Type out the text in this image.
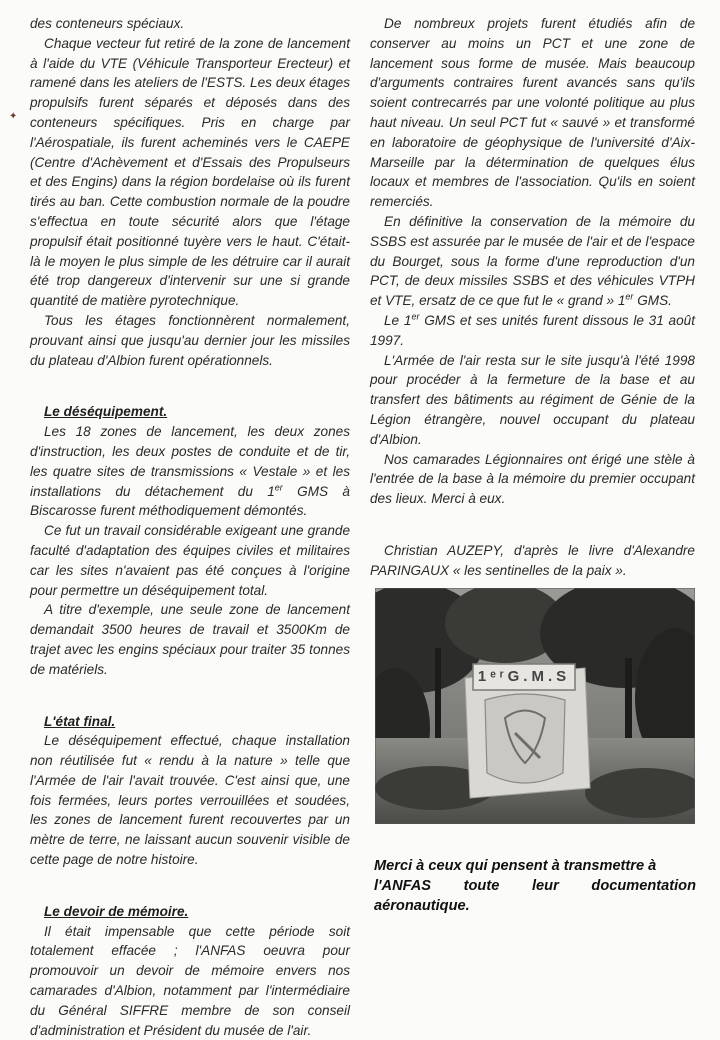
✦

des conteneurs spéciaux.

Chaque vecteur fut retiré de la zone de lancement à l'aide du VTE (Véhicule Transporteur Erecteur) et ramené dans les ateliers de l'ESTS. Les deux étages propulsifs furent séparés et déposés dans des conteneurs spécifiques. Pris en charge par l'Aérospatiale, ils furent acheminés vers le CAEPE (Centre d'Achèvement et d'Essais des Propulseurs et des Engins) dans la région bordelaise où ils furent tirés au ban. Cette combustion normale de la poudre s'effectua en toute sécurité alors que l'étage propulsif était positionné tuyère vers le haut. C'était-là le moyen le plus simple de les détruire car il aurait été trop dangereux d'intervenir sur une si grande quantité de matière pyrotechnique.

Tous les étages fonctionnèrent normalement, prouvant ainsi que jusqu'au dernier jour les missiles du plateau d'Albion furent opérationnels.

Le déséquipement.

Les 18 zones de lancement, les deux zones d'instruction, les deux postes de conduite et de tir, les quatre sites de transmissions « Vestale » et les installations du détachement du 1er GMS à Biscarosse furent méthodiquement démontés.

Ce fut un travail considérable exigeant une grande faculté d'adaptation des équipes civiles et militaires car les sites n'avaient pas été conçues à l'origine pour permettre un déséquipement total.

A titre d'exemple, une seule zone de lancement demandait 3500 heures de travail et 3500Km de trajet avec les engins spéciaux pour traiter 35 tonnes de matériels.

L'état final.

Le déséquipement effectué, chaque installation non réutilisée fut « rendu à la nature » telle que l'Armée de l'air l'avait trouvée. C'est ainsi que, une fois fermées, leurs portes verrouillées et soudées, les zones de lancement furent recouvertes par un mètre de terre, ne laissant aucun souvenir visible de cette page de notre histoire.

Le devoir de mémoire.

Il était impensable que cette période soit totalement effacée ; l'ANFAS oeuvra pour promouvoir un devoir de mémoire envers nos camarades d'Albion, notamment par l'intermédiaire du Général SIFFRE membre de son conseil d'administration et Président du musée de l'air.

De nombreux projets furent étudiés afin de conserver au moins un PCT et une zone de lancement sous forme de musée. Mais beaucoup d'arguments contraires furent avancés sans qu'ils soient contrecarrés par une volonté politique au plus haut niveau. Un seul PCT fut « sauvé » et transformé en laboratoire de géophysique de l'université d'Aix-Marseille par la détermination de quelques élus locaux et membres de l'association. Qu'ils en soient remerciés.

En définitive la conservation de la mémoire du SSBS est assurée par le musée de l'air et de l'espace du Bourget, sous la forme d'une reproduction d'un PCT, de deux missiles SSBS et des véhicules VTPH et VTE, ersatz de ce que fut le « grand » 1er GMS.

Le 1er GMS et ses unités furent dissous le 31 août 1997.

L'Armée de l'air resta sur le site jusqu'à l'été 1998 pour procéder à la fermeture de la base et au transfert des bâtiments au régiment de Génie de la Légion étrangère, nouvel occupant du plateau d'Albion.

Nos camarades Légionnaires ont érigé une stèle à l'entrée de la base à la mémoire du premier occupant des lieux. Merci à eux.

Christian AUZEPY, d'après le livre d'Alexandre PARINGAUX « les sentinelles de la paix ».

1ᵉʳG.M.S
Merci à ceux qui pensent à transmettre à
l'ANFAS toute leur documentation
aéronautique.
